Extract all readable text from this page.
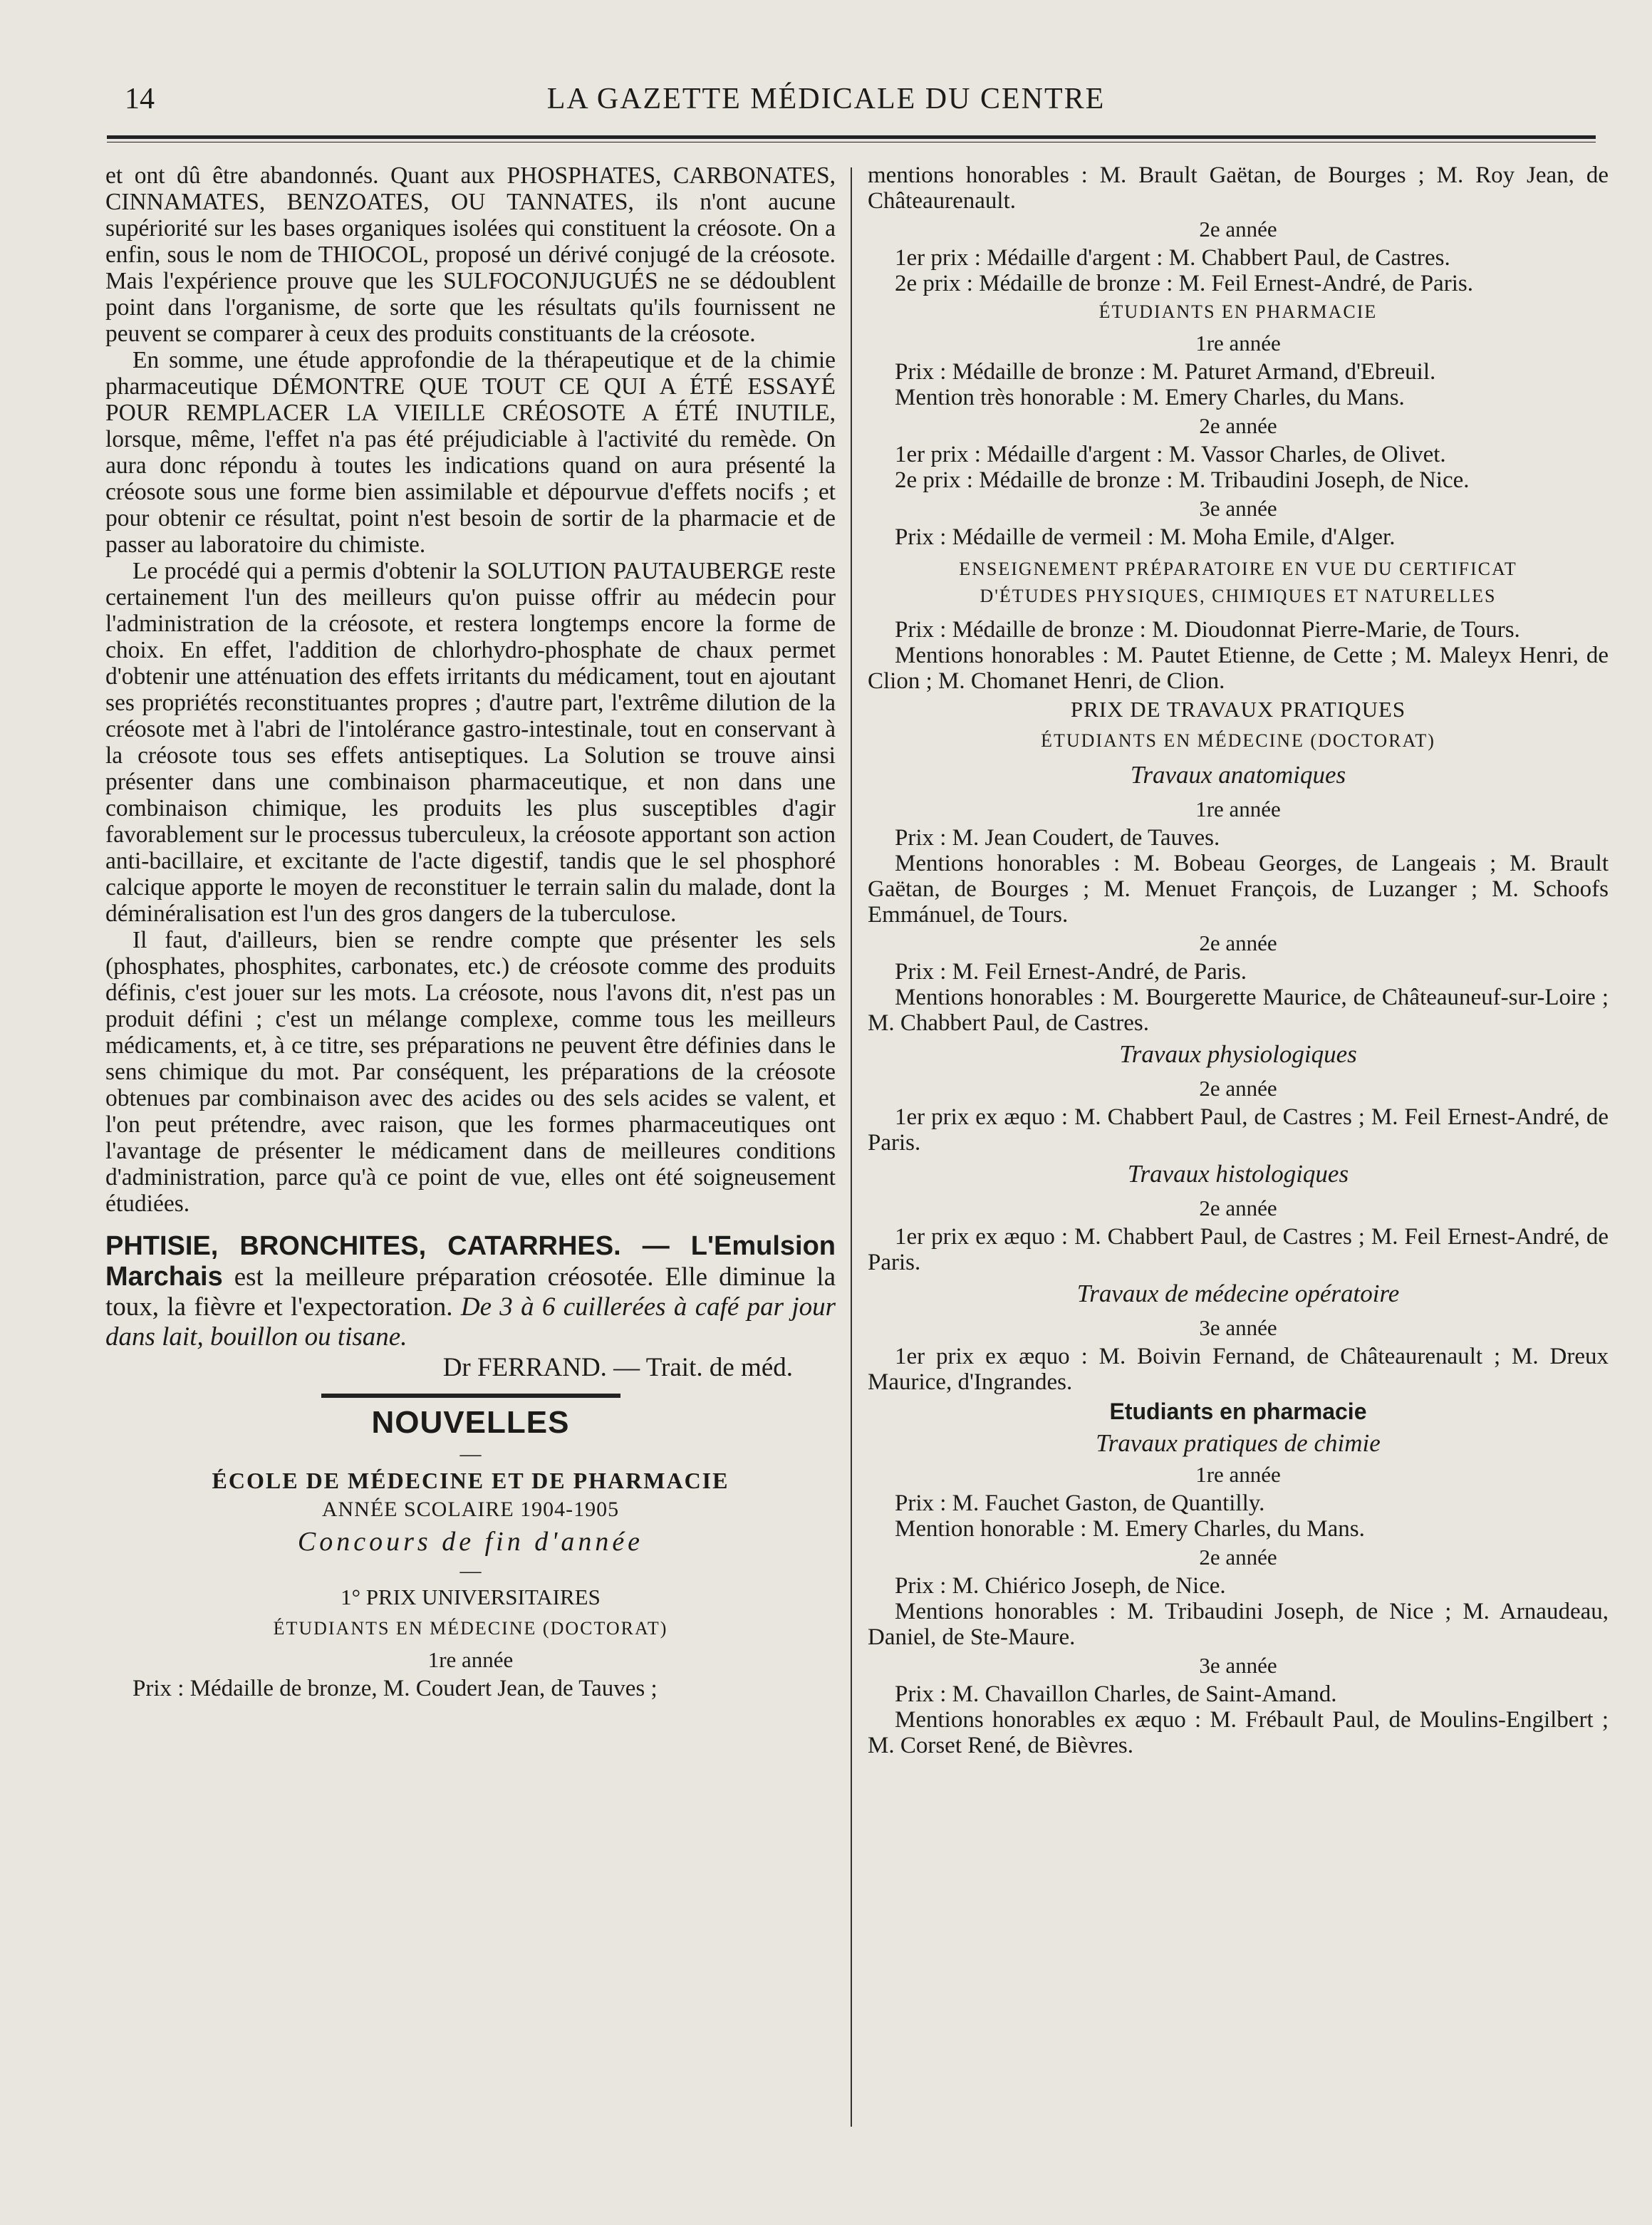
14	LA GAZETTE MÉDICALE DU CENTRE

et ont dû être abandonnés. Quant aux PHOSPHATES, CARBONATES, CINNAMATES, BENZOATES, OU TANNATES, ils n'ont aucune supériorité sur les bases organiques isolées qui constituent la créosote. On a enfin, sous le nom de THIOCOL, proposé un dérivé conjugé de la créosote. Mais l'expérience prouve que les SULFOCONJUGUÉS ne se dédoublent point dans l'organisme, de sorte que les résultats qu'ils fournissent ne peuvent se comparer à ceux des produits constituants de la créosote.

En somme, une étude approfondie de la thérapeutique et de la chimie pharmaceutique DÉMONTRE QUE TOUT CE QUI A ÉTÉ ESSAYÉ POUR REMPLACER LA VIEILLE CRÉOSOTE A ÉTÉ INUTILE, lorsque, même, l'effet n'a pas été préjudiciable à l'activité du remède. On aura donc répondu à toutes les indications quand on aura présenté la créosote sous une forme bien assimilable et dépourvue d'effets nocifs ; et pour obtenir ce résultat, point n'est besoin de sortir de la pharmacie et de passer au laboratoire du chimiste.

Le procédé qui a permis d'obtenir la SOLUTION PAUTAUBERGE reste certainement l'un des meilleurs qu'on puisse offrir au médecin pour l'administration de la créosote, et restera longtemps encore la forme de choix. En effet, l'addition de chlorhydro-phosphate de chaux permet d'obtenir une atténuation des effets irritants du médicament, tout en ajoutant ses propriétés reconstituantes propres ; d'autre part, l'extrême dilution de la créosote met à l'abri de l'intolérance gastro-intestinale, tout en conservant à la créosote tous ses effets antiseptiques. La Solution se trouve ainsi présenter dans une combinaison pharmaceutique, et non dans une combinaison chimique, les produits les plus susceptibles d'agir favorablement sur le processus tuberculeux, la créosote apportant son action anti-bacillaire, et excitante de l'acte digestif, tandis que le sel phosphoré calcique apporte le moyen de reconstituer le terrain salin du malade, dont la déminéralisation est l'un des gros dangers de la tuberculose.

Il faut, d'ailleurs, bien se rendre compte que présenter les sels (phosphates, phosphites, carbonates, etc.) de créosote comme des produits définis, c'est jouer sur les mots. La créosote, nous l'avons dit, n'est pas un produit défini ; c'est un mélange complexe, comme tous les meilleurs médicaments, et, à ce titre, ses préparations ne peuvent être définies dans le sens chimique du mot. Par conséquent, les préparations de la créosote obtenues par combinaison avec des acides ou des sels acides se valent, et l'on peut prétendre, avec raison, que les formes pharmaceutiques ont l'avantage de présenter le médicament dans de meilleures conditions d'administration, parce qu'à ce point de vue, elles ont été soigneusement étudiées.

PHTISIE, BRONCHITES, CATARRHES. — L'Emulsion Marchais est la meilleure préparation créosotée. Elle diminue la toux, la fièvre et l'expectoration. De 3 à 6 cuillerées à café par jour dans lait, bouillon ou tisane.
Dr FERRAND. — Trait. de méd.
NOUVELLES
—
ÉCOLE DE MÉDECINE ET DE PHARMACIE
ANNÉE SCOLAIRE 1904-1905
Concours de fin d'année
—
1° PRIX UNIVERSITAIRES
ÉTUDIANTS EN MÉDECINE (DOCTORAT)
1re année

Prix : Médaille de bronze, M. Coudert Jean, de Tauves ;

mentions honorables : M. Brault Gaëtan, de Bourges ; M. Roy Jean, de Châteaurenault.

2e année

1er prix : Médaille d'argent : M. Chabbert Paul, de Castres.

2e prix : Médaille de bronze : M. Feil Ernest-André, de Paris.

ÉTUDIANTS EN PHARMACIE
1re année

Prix : Médaille de bronze : M. Paturet Armand, d'Ebreuil.

Mention très honorable : M. Emery Charles, du Mans.

2e année

1er prix : Médaille d'argent : M. Vassor Charles, de Olivet.

2e prix : Médaille de bronze : M. Tribaudini Joseph, de Nice.

3e année

Prix : Médaille de vermeil : M. Moha Emile, d'Alger.

ENSEIGNEMENT PRÉPARATOIRE EN VUE DU CERTIFICAT
D'ÉTUDES PHYSIQUES, CHIMIQUES ET NATURELLES

Prix : Médaille de bronze : M. Dioudonnat Pierre-Marie, de Tours.

Mentions honorables : M. Pautet Etienne, de Cette ; M. Maleyx Henri, de Clion ; M. Chomanet Henri, de Clion.

PRIX DE TRAVAUX PRATIQUES
ÉTUDIANTS EN MÉDECINE (DOCTORAT)
Travaux anatomiques
1re année

Prix : M. Jean Coudert, de Tauves.

Mentions honorables : M. Bobeau Georges, de Langeais ; M. Brault Gaëtan, de Bourges ; M. Menuet François, de Luzanger ; M. Schoofs Emmánuel, de Tours.

2e année

Prix : M. Feil Ernest-André, de Paris.

Mentions honorables : M. Bourgerette Maurice, de Châteauneuf-sur-Loire ; M. Chabbert Paul, de Castres.

Travaux physiologiques
2e année

1er prix ex æquo : M. Chabbert Paul, de Castres ; M. Feil Ernest-André, de Paris.

Travaux histologiques
2e année

1er prix ex æquo : M. Chabbert Paul, de Castres ; M. Feil Ernest-André, de Paris.

Travaux de médecine opératoire
3e année

1er prix ex æquo : M. Boivin Fernand, de Châteaurenault ; M. Dreux Maurice, d'Ingrandes.

Etudiants en pharmacie
Travaux pratiques de chimie
1re année

Prix : M. Fauchet Gaston, de Quantilly.

Mention honorable : M. Emery Charles, du Mans.

2e année

Prix : M. Chiérico Joseph, de Nice.

Mentions honorables : M. Tribaudini Joseph, de Nice ; M. Arnaudeau, Daniel, de Ste-Maure.

3e année

Prix : M. Chavaillon Charles, de Saint-Amand.

Mentions honorables ex æquo : M. Frébault Paul, de Moulins-Engilbert ; M. Corset René, de Bièvres.
